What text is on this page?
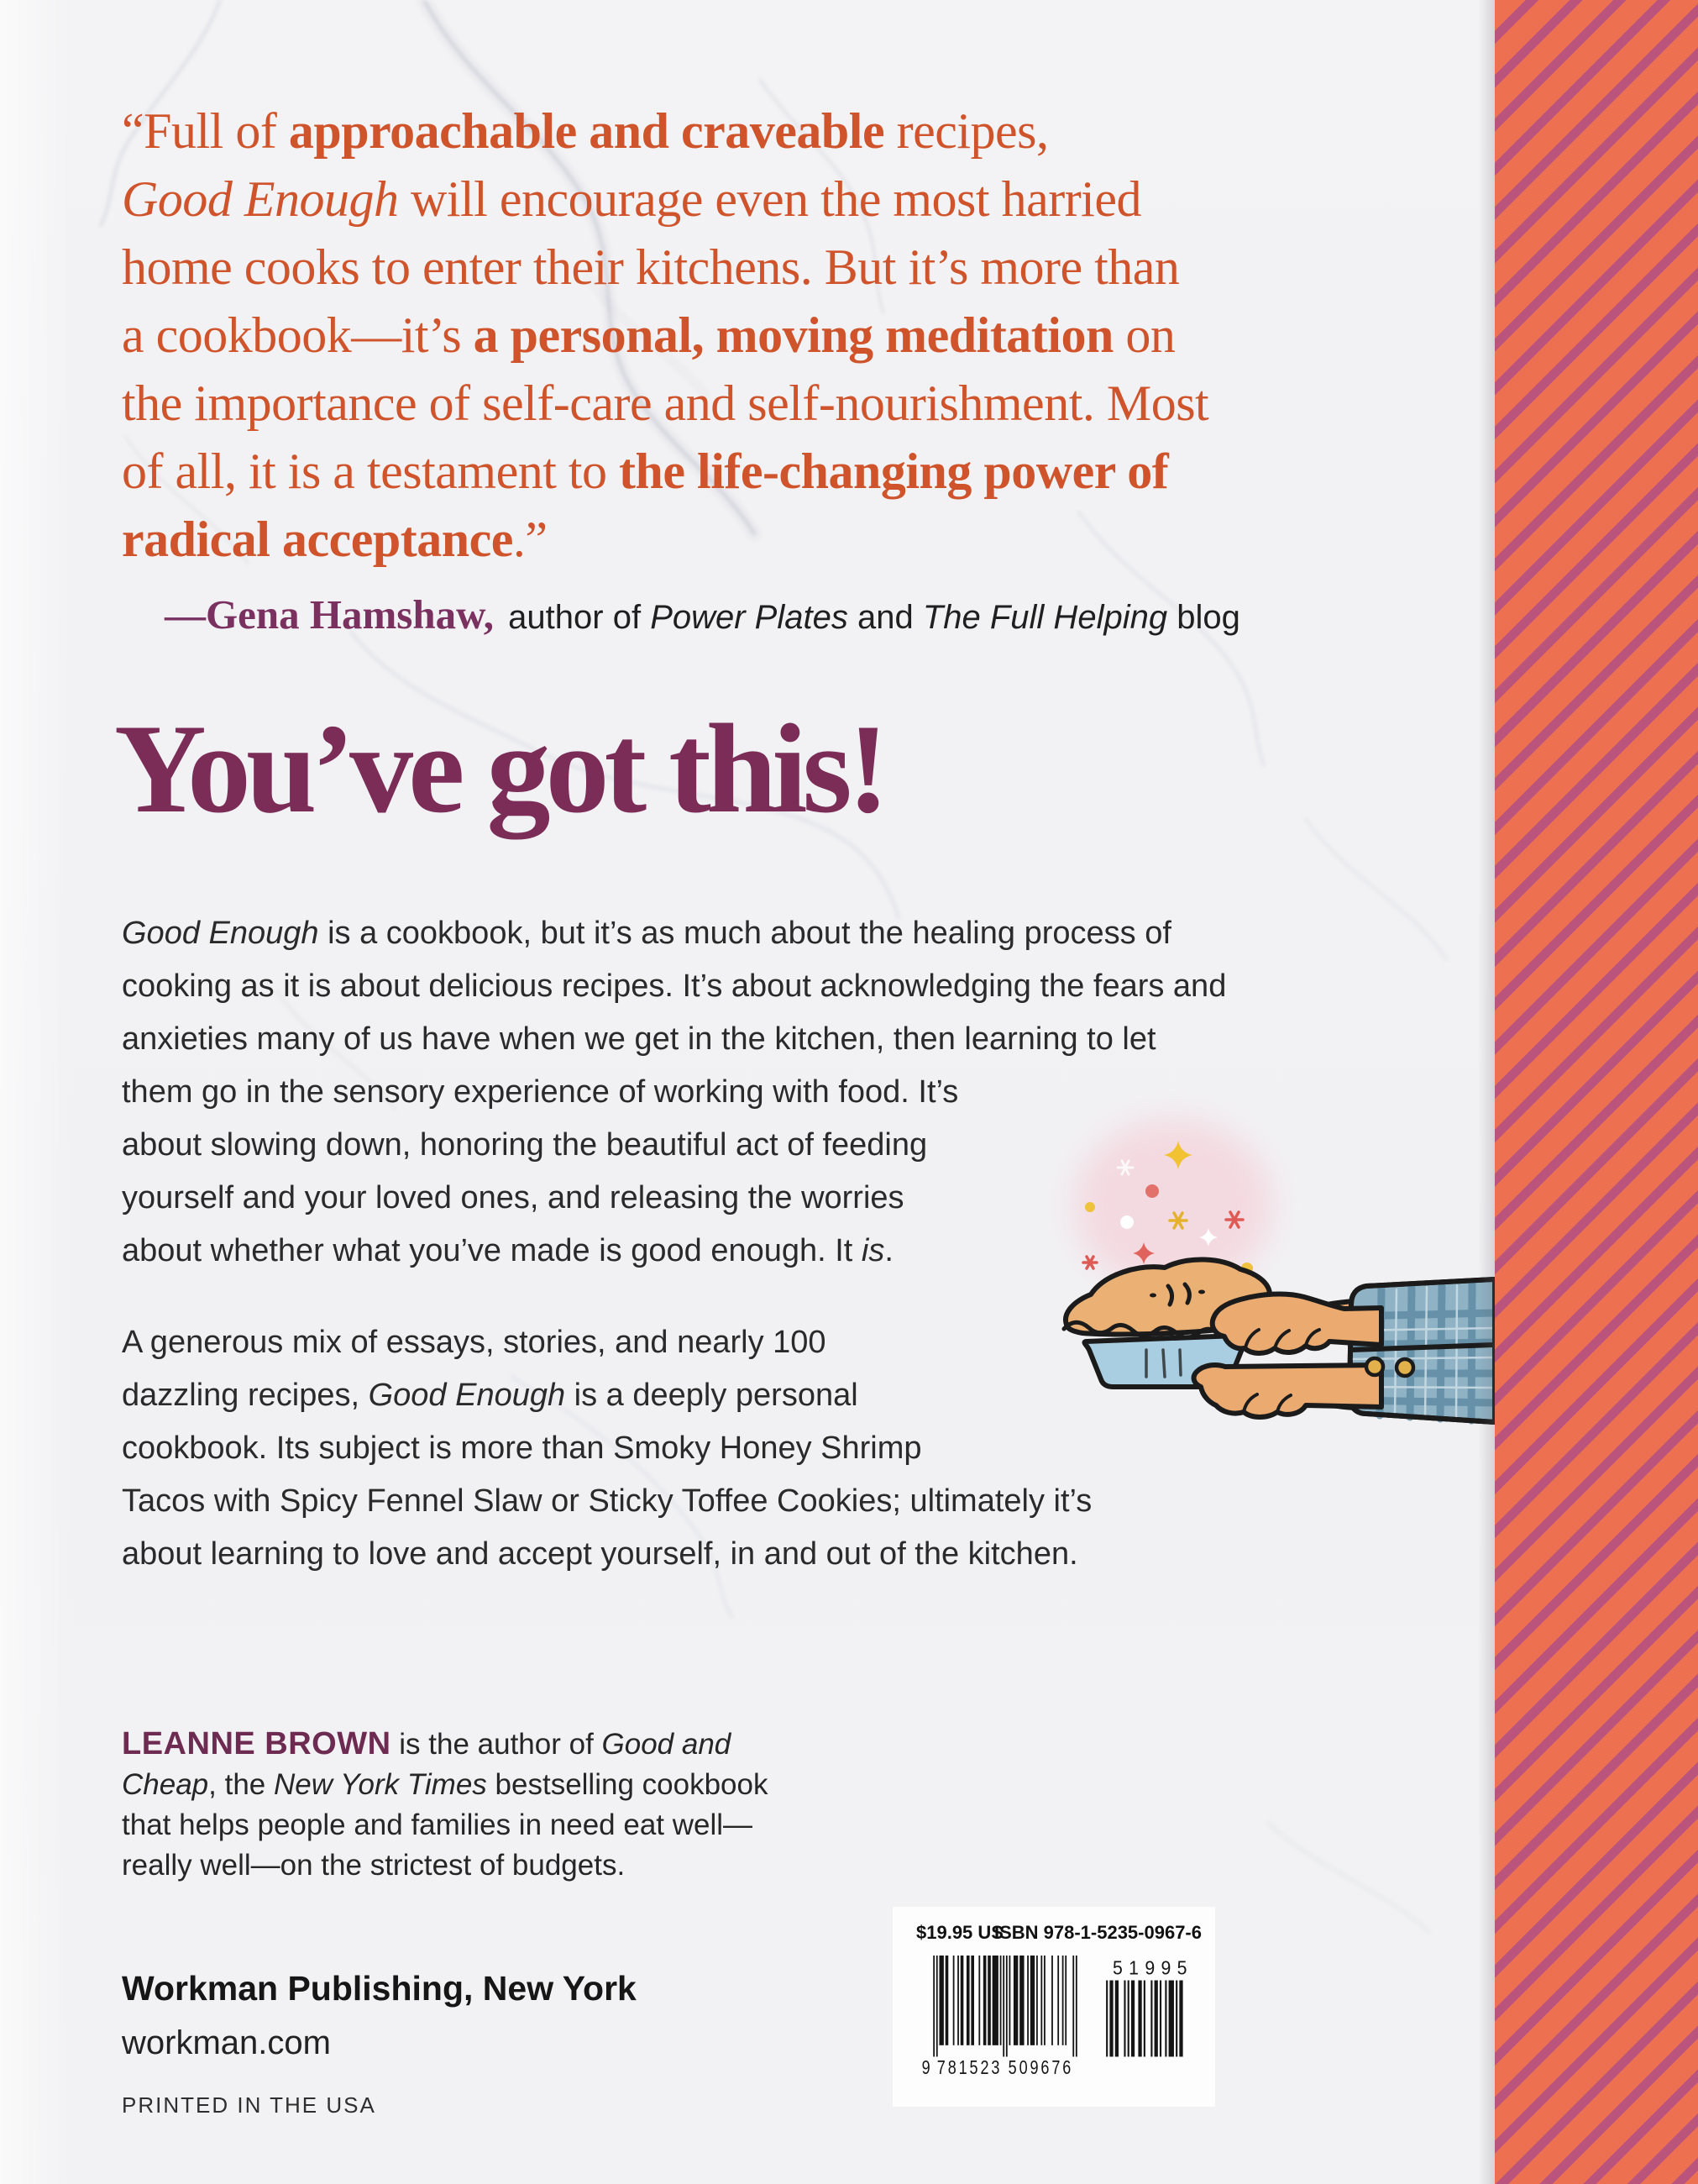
“Full of approachable and craveable recipes,
Good Enough will encourage even the most harried
home cooks to enter their kitchens. But it’s more than
a cookbook—it’s a personal, moving meditation on
the importance of self-care and self-nourishment. Most
of all, it is a testament to the life-changing power of
radical acceptance.”
—Gena Hamshaw, author of Power Plates and The Full Helping blog
You’ve got this!
Good Enough is a cookbook, but it’s as much about the healing process of
cooking as it is about delicious recipes. It’s about acknowledging the fears and
anxieties many of us have when we get in the kitchen, then learning to let
them go in the sensory experience of working with food. It’s
about slowing down, honoring the beautiful act of feeding
yourself and your loved ones, and releasing the worries
about whether what you’ve made is good enough. It is.
A generous mix of essays, stories, and nearly 100
dazzling recipes, Good Enough is a deeply personal
cookbook. Its subject is more than Smoky Honey Shrimp
Tacos with Spicy Fennel Slaw or Sticky Toffee Cookies; ultimately it’s
about learning to love and accept yourself, in and out of the kitchen.
LEANNE BROWN is the author of Good and
Cheap, the New York Times bestselling cookbook
that helps people and families in need eat well—
really well—on the strictest of budgets.
Workman Publishing, New York
workman.com
PRINTED IN THE USA
$19.95 US
ISBN 978-1-5235-0967-6
9 781523 509676
5 1 9 9 5
